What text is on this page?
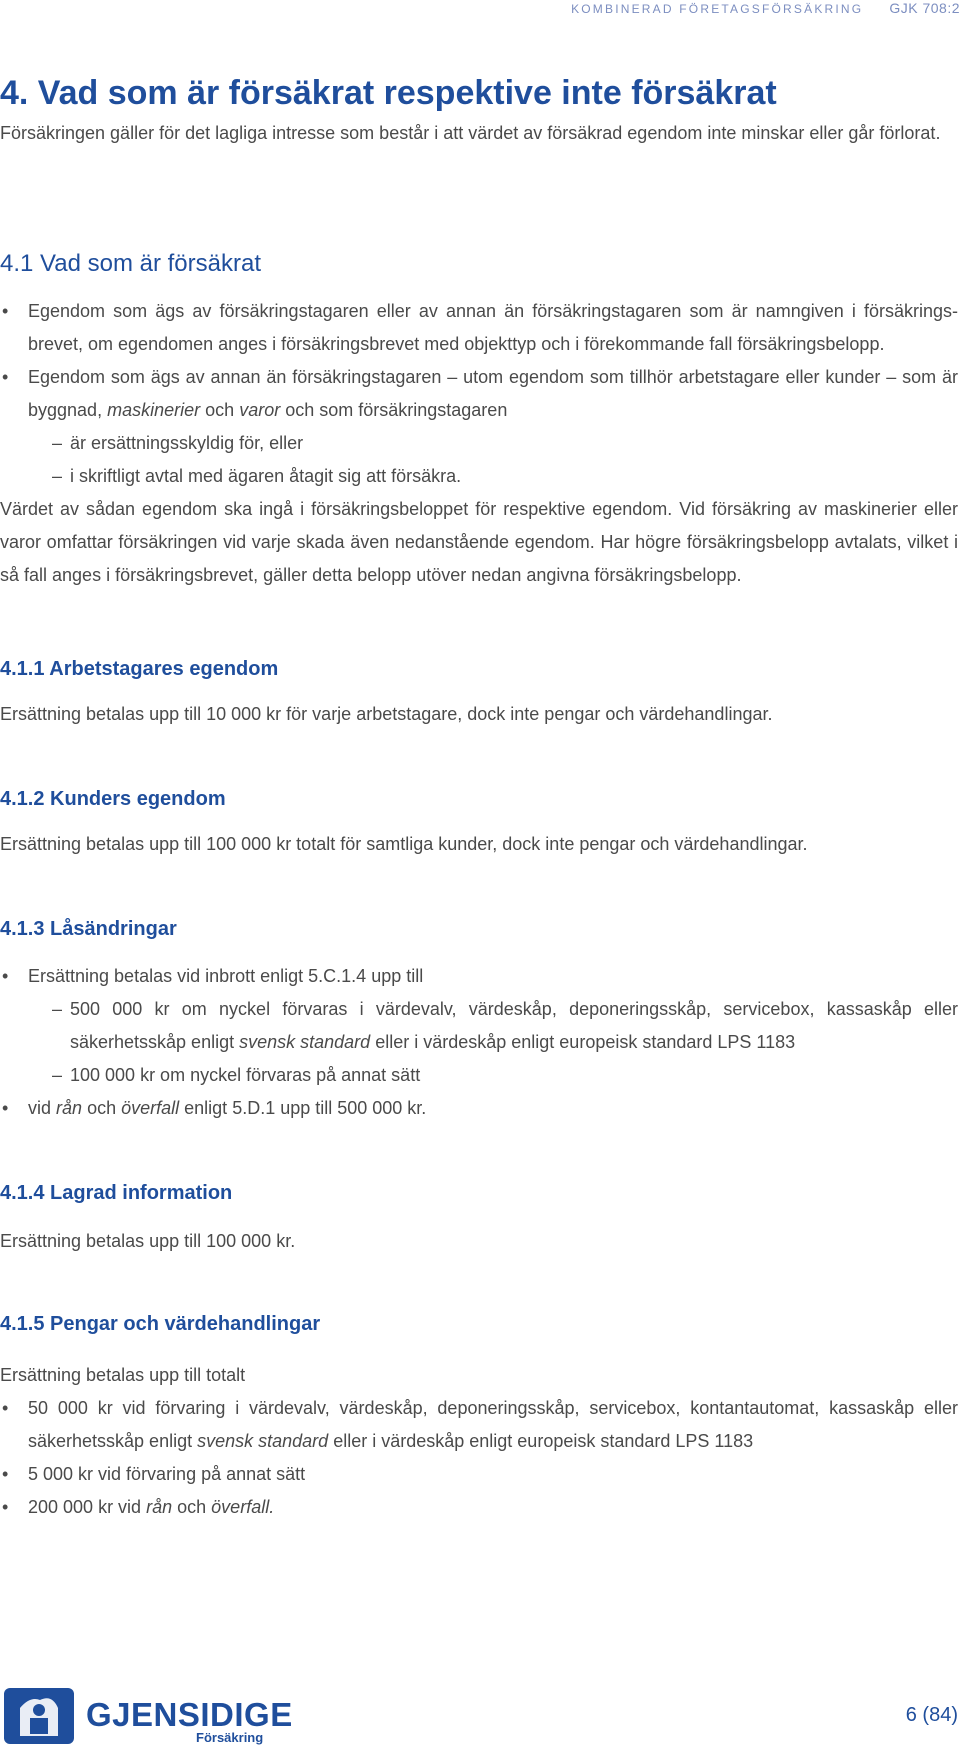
KOMBINERAD FÖRETAGSFÖRSÄKRING GJK 708:2
4. Vad som är försäkrat respektive inte försäkrat

Försäkringen gäller för det lagliga intresse som består i att värdet av försäkrad egendom inte minskar eller går förlorat.

4.1 Vad som är försäkrat
• Egendom som ägs av försäkringstagaren eller av annan än försäkringstagaren som är namngiven i försäkringsbrevet, om egendomen anges i försäkringsbrevet med objekttyp och i förekommande fall försäkringsbelopp.
• Egendom som ägs av annan än försäkringstagaren – utom egendom som tillhör arbetstagare eller kunder – som är byggnad, maskinerier och varor och som försäkringstagaren
– är ersättningsskyldig för, eller
– i skriftligt avtal med ägaren åtagit sig att försäkra.

Värdet av sådan egendom ska ingå i försäkringsbeloppet för respektive egendom. Vid försäkring av maskinerier eller varor omfattar försäkringen vid varje skada även nedanstående egendom. Har högre försäkringsbelopp avtalats, vilket i så fall anges i försäkringsbrevet, gäller detta belopp utöver nedan angivna försäkringsbelopp.

4.1.1 Arbetstagares egendom

Ersättning betalas upp till 10 000 kr för varje arbetstagare, dock inte pengar och värdehandlingar.

4.1.2 Kunders egendom

Ersättning betalas upp till 100 000 kr totalt för samtliga kunder, dock inte pengar och värdehandlingar.

4.1.3 Låsändringar
• Ersättning betalas vid inbrott enligt 5.C.1.4 upp till
– 500 000 kr om nyckel förvaras i värdevalv, värdeskåp, deponeringsskåp, servicebox, kassaskåp eller säkerhetsskåp enligt svensk standard eller i värdeskåp enligt europeisk standard LPS 1183
– 100 000 kr om nyckel förvaras på annat sätt
• vid rån och överfall enligt 5.D.1 upp till 500 000 kr.
4.1.4 Lagrad information

Ersättning betalas upp till 100 000 kr.

4.1.5 Pengar och värdehandlingar

Ersättning betalas upp till totalt

• 50 000 kr vid förvaring i värdevalv, värdeskåp, deponeringsskåp, servicebox, kontantautomat, kassaskåp eller säkerhetsskåp enligt svensk standard eller i värdeskåp enligt europeisk standard LPS 1183
• 5 000 kr vid förvaring på annat sätt
• 200 000 kr vid rån och överfall.
GJENSIDIGE
Försäkring
6 (84)
